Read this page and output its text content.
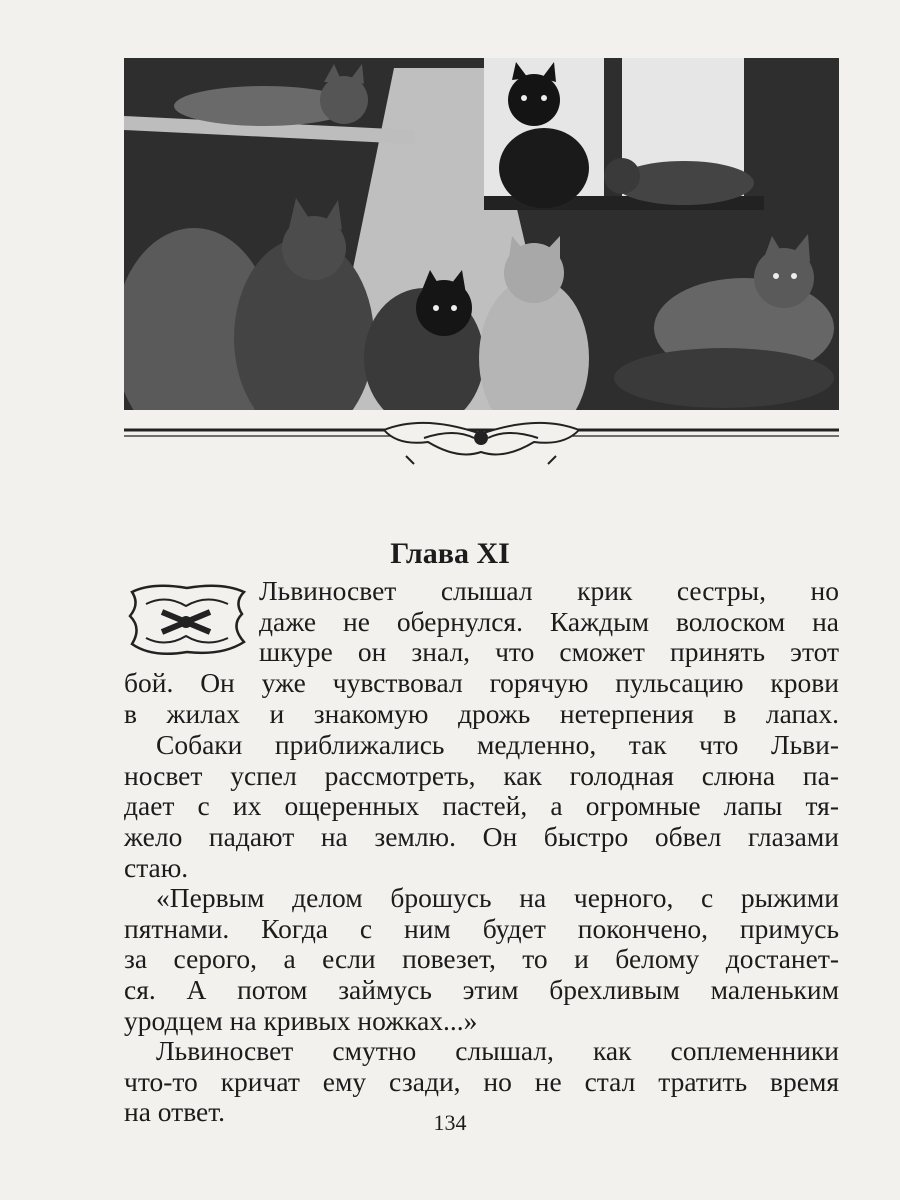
Глава XI
Львиносвет слышал крик сестры, но
даже не обернулся. Каждым волоском на
шкуре он знал, что сможет принять этот
бой. Он уже чувствовал горячую пульсацию крови
в жилах и знакомую дрожь нетерпения в лапах.
Собаки приближались медленно, так что Льви-
носвет успел рассмотреть, как голодная слюна па-
дает с их ощеренных пастей, а огромные лапы тя-
жело падают на землю. Он быстро обвел глазами
стаю.
«Первым делом брошусь на черного, с рыжими
пятнами. Когда с ним будет покончено, примусь
за серого, а если повезет, то и белому достанет-
ся. А потом займусь этим брехливым маленьким
уродцем на кривых ножках...»
Львиносвет смутно слышал, как соплеменники
что-то кричат ему сзади, но не стал тратить время
на ответ.	134
